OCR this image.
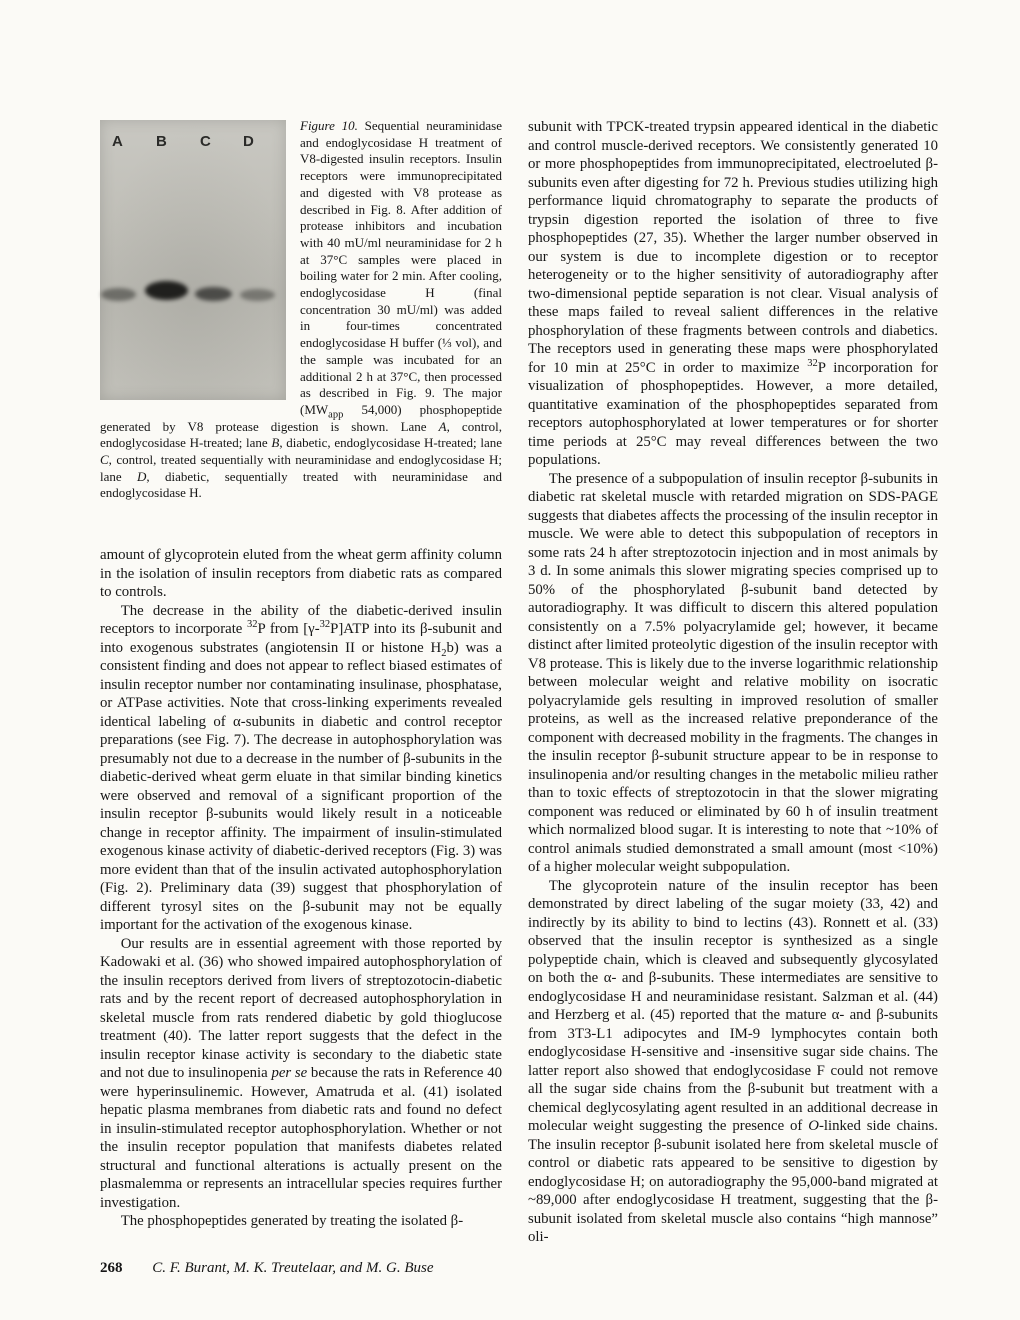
A B C D
Figure 10. Sequential neuraminidase and endoglycosidase H treatment of V8-digested insulin receptors. Insulin receptors were immunoprecipitated and digested with V8 protease as described in Fig. 8. After addition of protease inhibitors and incubation with 40 mU/ml neuraminidase for 2 h at 37°C samples were placed in boiling water for 2 min. After cooling, endoglycosidase H (final concentration 30 mU/ml) was added in four-times concentrated endoglycosidase H buffer (⅓ vol), and the sample was incubated for an additional 2 h at 37°C, then processed as described in Fig. 9. The major ($MW_{app}$ 54,000) phosphopeptide generated by V8 protease digestion is shown. Lane A, control, endoglycosidase H-treated; lane B, diabetic, endoglycosidase H-treated; lane C, control, treated sequentially with neuraminidase and endoglycosidase H; lane D, diabetic, sequentially treated with neuraminidase and endoglycosidase H.

amount of glycoprotein eluted from the wheat germ affinity column in the isolation of insulin receptors from diabetic rats as compared to controls.

The decrease in the ability of the diabetic-derived insulin receptors to incorporate $^{32}$P from [γ-$^{32}$P]ATP into its β-subunit and into exogenous substrates (angiotensin II or histone $H_2b$) was a consistent finding and does not appear to reflect biased estimates of insulin receptor number nor contaminating insulinase, phosphatase, or ATPase activities. Note that cross-linking experiments revealed identical labeling of α-subunits in diabetic and control receptor preparations (see Fig. 7). The decrease in autophosphorylation was presumably not due to a decrease in the number of β-subunits in the diabetic-derived wheat germ eluate in that similar binding kinetics were observed and removal of a significant proportion of the insulin receptor β-subunits would likely result in a noticeable change in receptor affinity. The impairment of insulin-stimulated exogenous kinase activity of diabetic-derived receptors (Fig. 3) was more evident than that of the insulin activated autophosphorylation (Fig. 2). Preliminary data (39) suggest that phosphorylation of different tyrosyl sites on the β-subunit may not be equally important for the activation of the exogenous kinase.

Our results are in essential agreement with those reported by Kadowaki et al. (36) who showed impaired autophosphorylation of the insulin receptors derived from livers of streptozotocin-diabetic rats and by the recent report of decreased autophosphorylation in skeletal muscle from rats rendered diabetic by gold thioglucose treatment (40). The latter report suggests that the defect in the insulin receptor kinase activity is secondary to the diabetic state and not due to insulinopenia per se because the rats in Reference 40 were hyperinsulinemic. However, Amatruda et al. (41) isolated hepatic plasma membranes from diabetic rats and found no defect in insulin-stimulated receptor autophosphorylation. Whether or not the insulin receptor population that manifests diabetes related structural and functional alterations is actually present on the plasmalemma or represents an intracellular species requires further investigation.

The phosphopeptides generated by treating the isolated β-

subunit with TPCK-treated trypsin appeared identical in the diabetic and control muscle-derived receptors. We consistently generated 10 or more phosphopeptides from immunoprecipitated, electroeluted β-subunits even after digesting for 72 h. Previous studies utilizing high performance liquid chromatography to separate the products of trypsin digestion reported the isolation of three to five phosphopeptides (27, 35). Whether the larger number observed in our system is due to incomplete digestion or to receptor heterogeneity or to the higher sensitivity of autoradiography after two-dimensional peptide separation is not clear. Visual analysis of these maps failed to reveal salient differences in the relative phosphorylation of these fragments between controls and diabetics. The receptors used in generating these maps were phosphorylated for 10 min at 25°C in order to maximize $^{32}$P incorporation for visualization of phosphopeptides. However, a more detailed, quantitative examination of the phosphopeptides separated from receptors autophosphorylated at lower temperatures or for shorter time periods at 25°C may reveal differences between the two populations.

The presence of a subpopulation of insulin receptor β-subunits in diabetic rat skeletal muscle with retarded migration on SDS-PAGE suggests that diabetes affects the processing of the insulin receptor in muscle. We were able to detect this subpopulation of receptors in some rats 24 h after streptozotocin injection and in most animals by 3 d. In some animals this slower migrating species comprised up to 50% of the phosphorylated β-subunit band detected by autoradiography. It was difficult to discern this altered population consistently on a 7.5% polyacrylamide gel; however, it became distinct after limited proteolytic digestion of the insulin receptor with V8 protease. This is likely due to the inverse logarithmic relationship between molecular weight and relative mobility on isocratic polyacrylamide gels resulting in improved resolution of smaller proteins, as well as the increased relative preponderance of the component with decreased mobility in the fragments. The changes in the insulin receptor β-subunit structure appear to be in response to insulinopenia and/or resulting changes in the metabolic milieu rather than to toxic effects of streptozotocin in that the slower migrating component was reduced or eliminated by 60 h of insulin treatment which normalized blood sugar. It is interesting to note that ~10% of control animals studied demonstrated a small amount (most <10%) of a higher molecular weight subpopulation.

The glycoprotein nature of the insulin receptor has been demonstrated by direct labeling of the sugar moiety (33, 42) and indirectly by its ability to bind to lectins (43). Ronnett et al. (33) observed that the insulin receptor is synthesized as a single polypeptide chain, which is cleaved and subsequently glycosylated on both the α- and β-subunits. These intermediates are sensitive to endoglycosidase H and neuraminidase resistant. Salzman et al. (44) and Herzberg et al. (45) reported that the mature α- and β-subunits from 3T3-L1 adipocytes and IM-9 lymphocytes contain both endoglycosidase H-sensitive and -insensitive sugar side chains. The latter report also showed that endoglycosidase F could not remove all the sugar side chains from the β-subunit but treatment with a chemical deglycosylating agent resulted in an additional decrease in molecular weight suggesting the presence of O-linked side chains. The insulin receptor β-subunit isolated here from skeletal muscle of control or diabetic rats appeared to be sensitive to digestion by endoglycosidase H; on autoradiography the 95,000-band migrated at ~89,000 after endoglycosidase H treatment, suggesting that the β-subunit isolated from skeletal muscle also contains “high mannose” oli-

268 C. F. Burant, M. K. Treutelaar, and M. G. Buse
